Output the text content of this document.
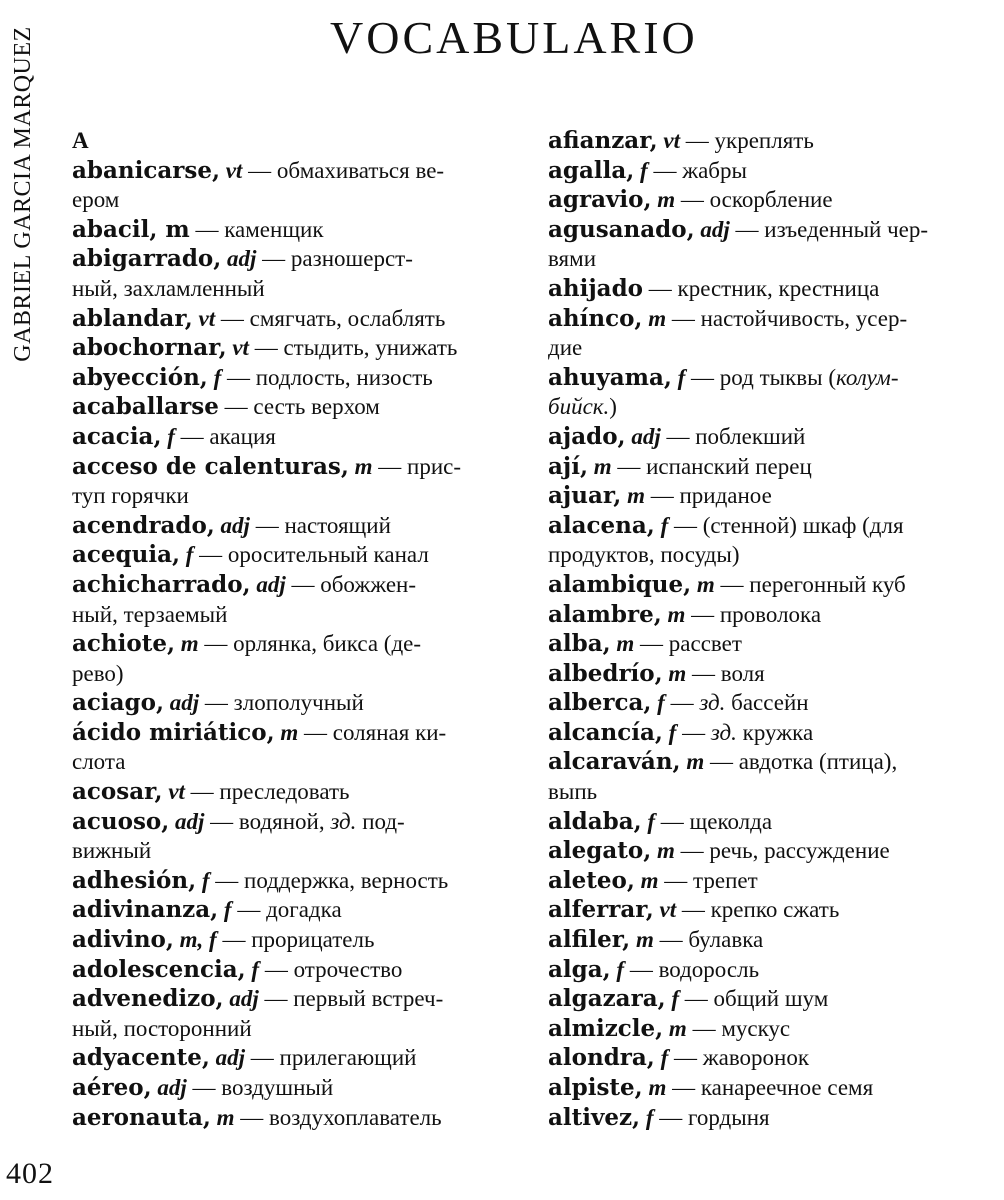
GABRIEL GARCIA MARQUEZ	VOCABULARIO
A
abanicarse, vt — обмахиваться ве-
ером
abacil, m — каменщик
abigarrado, adj — разношерст-
ный, захламленный
ablandar, vt — смягчать, ослаблять
abochornar, vt — стыдить, унижать
abyección, f — подлость, низость
acaballarse — сесть верхом
acacia, f — акация
acceso de calenturas, m — прис-
туп горячки
acendrado, adj — настоящий
acequia, f — оросительный канал
achicharrado, adj — обожжен-
ный, терзаемый
achiote, m — орлянка, бикса (де-
рево)
aciago, adj — злополучный
ácido miriático, m — соляная ки-
слота
acosar, vt — преследовать
acuoso, adj — водяной, зд. под-
вижный
adhesión, f — поддержка, верность
adivinanza, f — догадка
adivino, m, f — прорицатель
adolescencia, f — отрочество
advenedizo, adj — первый встреч-
ный, посторонний
adyacente, adj — прилегающий
aéreo, adj — воздушный
aeronauta, m — воздухоплаватель
afianzar, vt — укреплять
agalla, f — жабры
agravio, m — оскорбление
agusanado, adj — изъеденный чер-
вями
ahijado — крестник, крестница
ahínco, m — настойчивость, усер-
дие
ahuyama, f — род тыквы (колум-
бийск.)
ajado, adj — поблекший
ají, m — испанский перец
ajuar, m — приданое
alacena, f — (стенной) шкаф (для
продуктов, посуды)
alambique, m — перегонный куб
alambre, m — проволока
alba, m — рассвет
albedrío, m — воля
alberca, f — зд. бассейн
alcancía, f — зд. кружка
alcaraván, m — авдотка (птица),
выпь
aldaba, f — щеколда
alegato, m — речь, рассуждение
aleteo, m — трепет
alferrar, vt — крепко сжать
alfiler, m — булавка
alga, f — водоросль
algazara, f — общий шум
almizcle, m — мускус
alondra, f — жаворонок
alpiste, m — канареечное семя
altivez, f — гордыня
402
